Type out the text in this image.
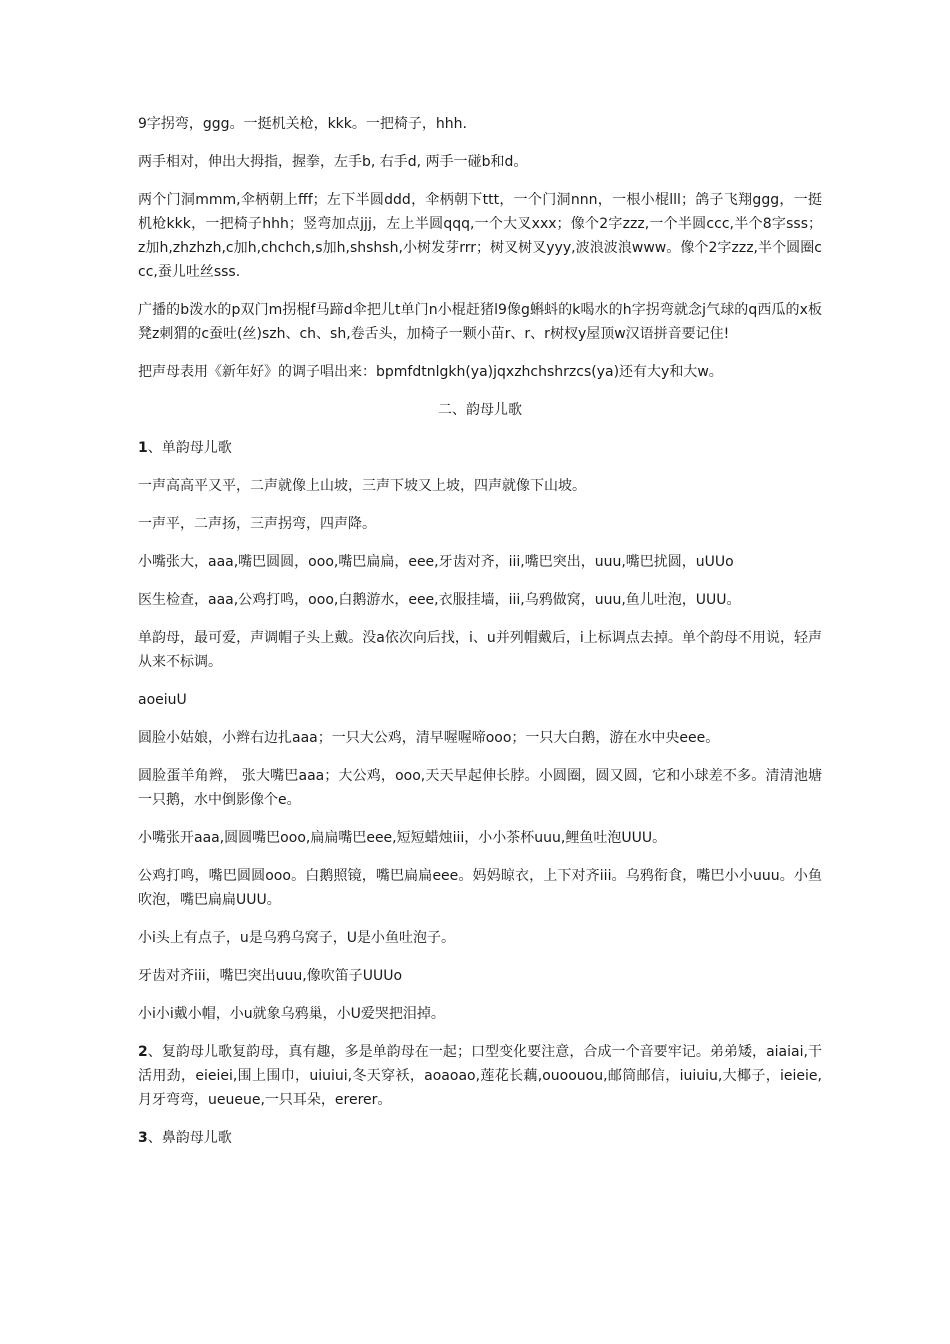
9字拐弯，ggg。一挺机关枪，kkk。一把椅子，hhh.

两手相对，伸出大拇指，握拳，左手b, 右手d, 两手一碰b和d。

两个门洞mmm,伞柄朝上fff；左下半圆ddd，伞柄朝下ttt，一个门洞nnn，一根小棍lll；鸽子飞翔ggg，一挺机枪kkk，一把椅子hhh；竖弯加点jjj，左上半圆qqq,一个大叉xxx；像个2字zzz,一个半圆ccc,半个8字sss； z加h,zhzhzh,c加h,chchch,s加h,shshsh,小树发芽rrr；树叉树叉yyy,波浪波浪www。像个2字zzz,半个圆圈ccc,蚕儿吐丝sss.

广播的b泼水的p双门m拐棍f马蹄d伞把儿t单门n小棍赶猪l9像g蝌蚪的k喝水的h字拐弯就念j气球的q西瓜的x板凳z刺猬的c蚕吐(丝)szh、ch、sh,卷舌头，加椅子一颗小苗r、r、r树杈y屋顶w汉语拼音要记住!

把声母表用《新年好》的调子唱出来：bpmfdtnlgkh(ya)jqxzhchshrzcs(ya)还有大y和大w。

二、韵母儿歌

1、单韵母儿歌

一声高高平又平，二声就像上山坡，三声下坡又上坡，四声就像下山坡。

一声平，二声扬，三声拐弯，四声降。

小嘴张大，aaa,嘴巴圆圆，ooo,嘴巴扁扁，eee,牙齿对齐，iii,嘴巴突出，uuu,嘴巴扰圆，uUUo

医生检查，aaa,公鸡打鸣，ooo,白鹅游水，eee,衣服挂墙，iii,乌鸦做窝，uuu,鱼儿吐泡，UUU。

单韵母，最可爱，声调帽子头上戴。没a依次向后找，i、u并列帽戴后，i上标调点去掉。单个韵母不用说，轻声从来不标调。

aoeiuU

圆脸小姑娘，小辫右边扎aaa；一只大公鸡，清早喔喔啼ooo；一只大白鹅，游在水中央eee。

圆脸蛋羊角辫， 张大嘴巴aaa；大公鸡，ooo,天天早起伸长脖。小圆圈，圆又圆，它和小球差不多。清清池塘一只鹅，水中倒影像个e。

小嘴张开aaa,圆圆嘴巴ooo,扁扁嘴巴eee,短短蜡烛iii，小小茶杯uuu,鲤鱼吐泡UUU。

公鸡打鸣，嘴巴圆圆ooo。白鹅照镜，嘴巴扁扁eee。妈妈晾衣，上下对齐iii。乌鸦衔食，嘴巴小小uuu。小鱼吹泡，嘴巴扁扁UUU。

小i头上有点子，u是乌鸦乌窝子，U是小鱼吐泡子。

牙齿对齐iii，嘴巴突出uuu,像吹笛子UUUo

小i小i戴小帽，小u就象乌鸦巢，小U爱哭把泪掉。

2、复韵母儿歌复韵母，真有趣，多是单韵母在一起；口型变化要注意，合成一个音要牢记。弟弟矮，aiaiai,干活用劲，eieiei,围上围巾，uiuiui,冬天穿袄，aoaoao,莲花长藕,ouoouou,邮筒邮信，iuiuiu,大椰子，ieieie,月牙弯弯，ueueue,一只耳朵，ererer。

3、鼻韵母儿歌
